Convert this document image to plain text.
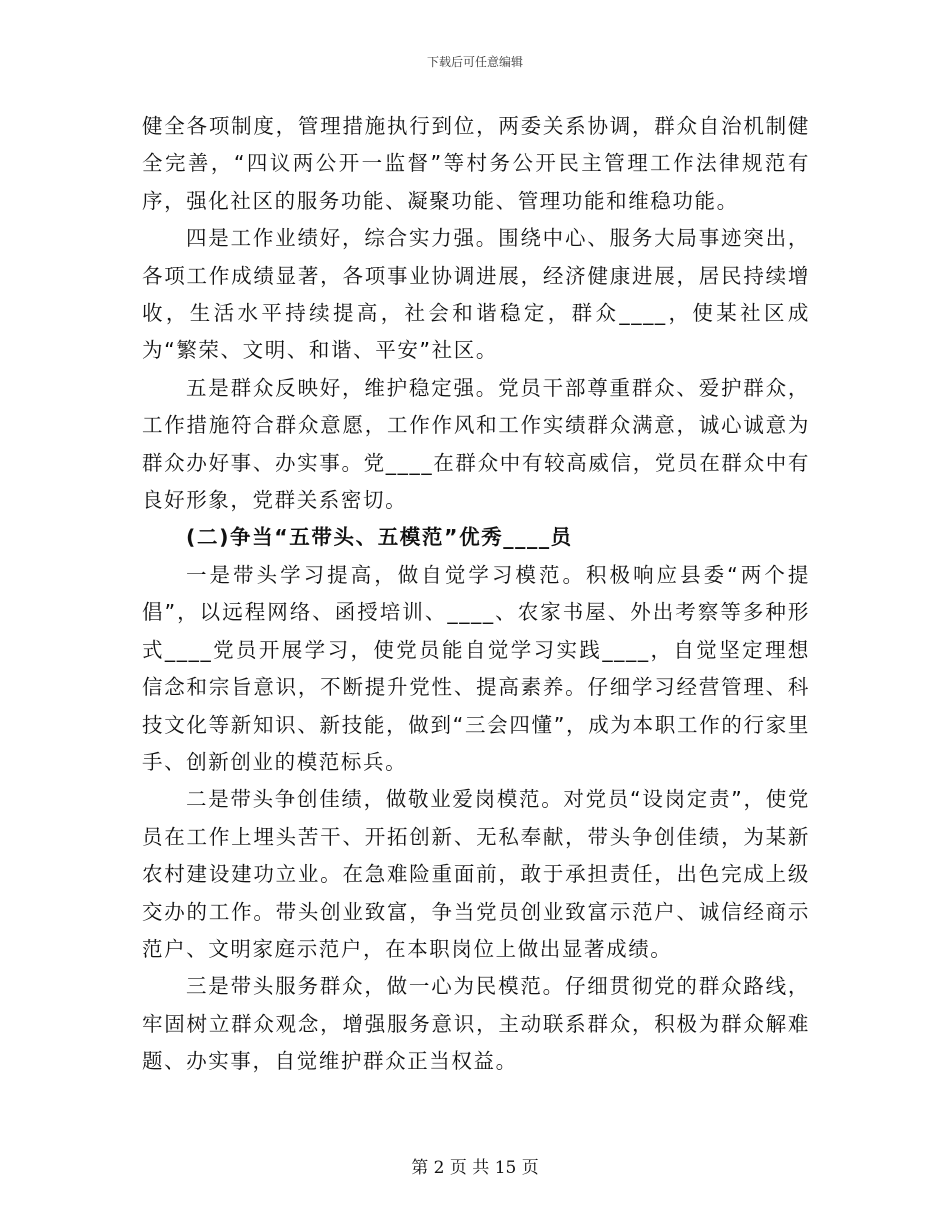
下载后可任意编辑

健全各项制度，管理措施执行到位，两委关系协调，群众自治机制健全完善，“四议两公开一监督”等村务公开民主管理工作法律规范有序，强化社区的服务功能、凝聚功能、管理功能和维稳功能。

四是工作业绩好，综合实力强。围绕中心、服务大局事迹突出，各项工作成绩显著，各项事业协调进展，经济健康进展，居民持续增收，生活水平持续提高，社会和谐稳定，群众____，使某社区成为“繁荣、文明、和谐、平安”社区。

五是群众反映好，维护稳定强。党员干部尊重群众、爱护群众，工作措施符合群众意愿，工作作风和工作实绩群众满意，诚心诚意为群众办好事、办实事。党____在群众中有较高威信，党员在群众中有良好形象，党群关系密切。

(二)争当“五带头、五模范”优秀____员

一是带头学习提高，做自觉学习模范。积极响应县委“两个提倡”，以远程网络、函授培训、____、农家书屋、外出考察等多种形式____党员开展学习，使党员能自觉学习实践____，自觉坚定理想信念和宗旨意识，不断提升党性、提高素养。仔细学习经营管理、科技文化等新知识、新技能，做到“三会四懂”，成为本职工作的行家里手、创新创业的模范标兵。

二是带头争创佳绩，做敬业爱岗模范。对党员“设岗定责”，使党员在工作上埋头苦干、开拓创新、无私奉献，带头争创佳绩，为某新农村建设建功立业。在急难险重面前，敢于承担责任，出色完成上级交办的工作。带头创业致富，争当党员创业致富示范户、诚信经商示范户、文明家庭示范户，在本职岗位上做出显著成绩。

三是带头服务群众，做一心为民模范。仔细贯彻党的群众路线，牢固树立群众观念，增强服务意识，主动联系群众，积极为群众解难题、办实事，自觉维护群众正当权益。

第 2 页 共 15 页
